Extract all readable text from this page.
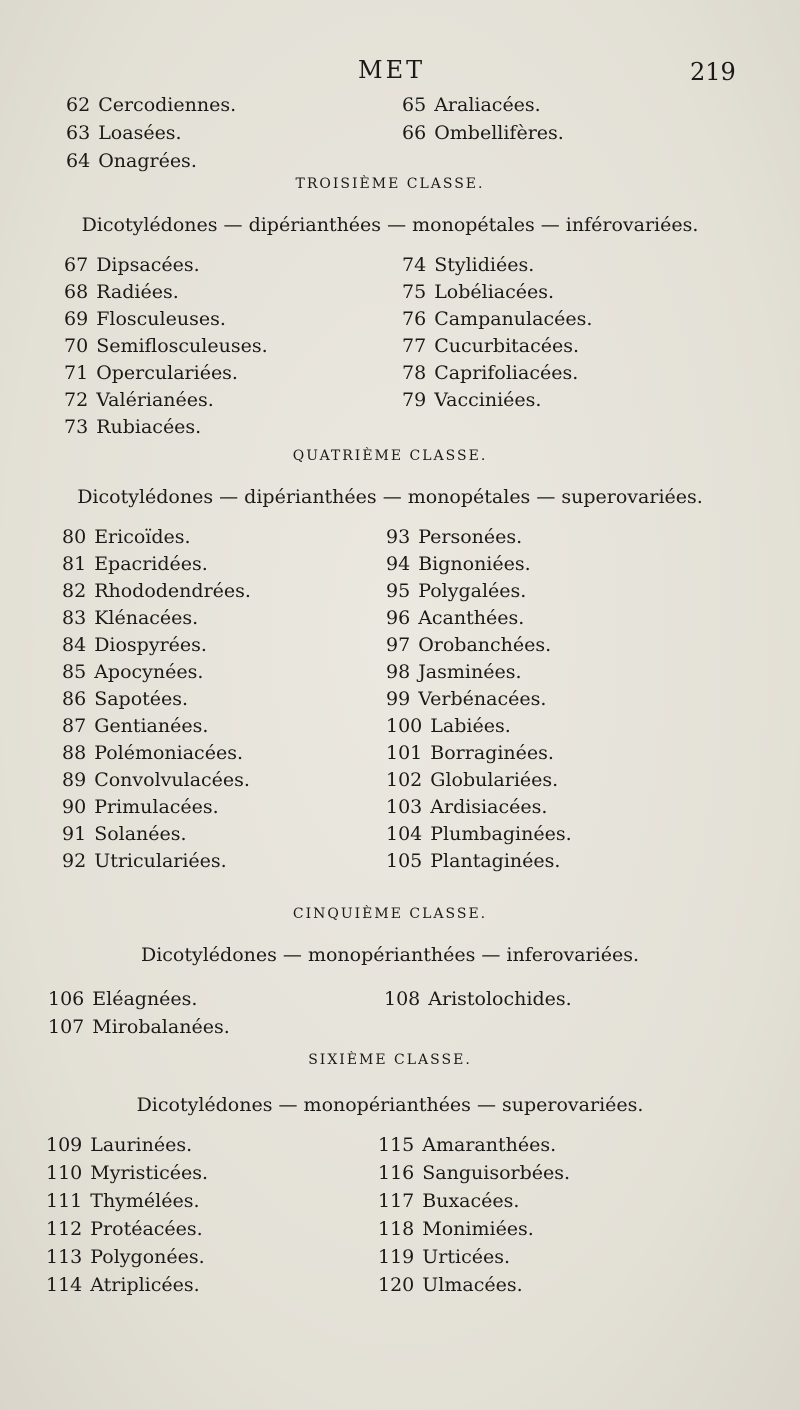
MET	219
62 Cercodiennes.
63 Loasées.
64 Onagrées.
65 Araliacées.
66 Ombellifères.
TROISIÈME CLASSE.
Dicotylédones — dipérianthées — monopétales — inférovariées.
67 Dipsacées.
68 Radiées.
69 Flosculeuses.
70 Semiflosculeuses.
71 Operculariées.
72 Valérianées.
73 Rubiacées.
74 Stylidiées.
75 Lobéliacées.
76 Campanulacées.
77 Cucurbitacées.
78 Caprifoliacées.
79 Vacciniées.
QUATRIÈME CLASSE.
Dicotylédones — dipérianthées — monopétales — superovariées.
80 Ericoïdes.
81 Epacridées.
82 Rhododendrées.
83 Klénacées.
84 Diospyrées.
85 Apocynées.
86 Sapotées.
87 Gentianées.
88 Polémoniacées.
89 Convolvulacées.
90 Primulacées.
91 Solanées.
92 Utriculariées.
93 Personées.
94 Bignoniées.
95 Polygalées.
96 Acanthées.
97 Orobanchées.
98 Jasminées.
99 Verbénacées.
100 Labiées.
101 Borraginées.
102 Globulariées.
103 Ardisiacées.
104 Plumbaginées.
105 Plantaginées.
CINQUIÈME CLASSE.
Dicotylédones — monopérianthées — inferovariées.
106 Eléagnées.
107 Mirobalanées.
108 Aristolochides.
SIXIÈME CLASSE.
Dicotylédones — monopérianthées — superovariées.
109 Laurinées.
110 Myristicées.
111 Thymélées.
112 Protéacées.
113 Polygonées.
114 Atriplicées.
115 Amaranthées.
116 Sanguisorbées.
117 Buxacées.
118 Monimiées.
119 Urticées.
120 Ulmacées.
